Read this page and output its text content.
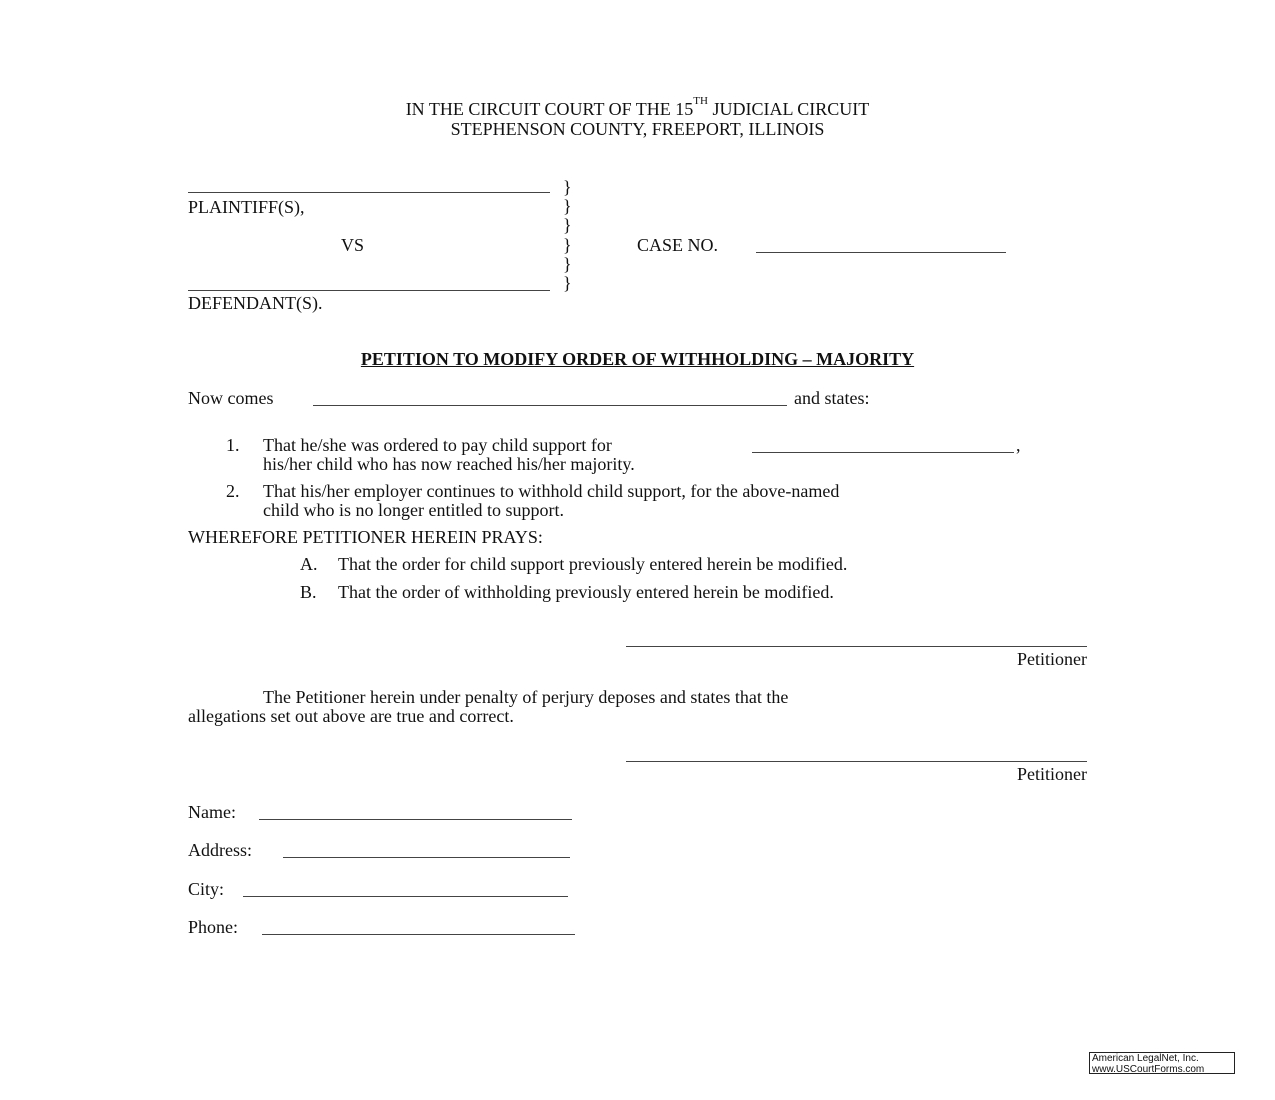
IN THE CIRCUIT COURT OF THE 15TH JUDICIAL CIRCUIT
STEPHENSON COUNTY, FREEPORT, ILLINOIS
PLAINTIFF(S),
VS
DEFENDANT(S).
}
}
}
}
}
}
CASE NO.
PETITION TO MODIFY ORDER OF WITHHOLDING – MAJORITY
Now comes	and states:
1. That he/she was ordered to pay child support for	,
his/her child who has now reached his/her majority.
2. That his/her employer continues to withhold child support, for the above-named
child who is no longer entitled to support.
WHEREFORE PETITIONER HEREIN PRAYS:
A. That the order for child support previously entered herein be modified.
B. That the order of withholding previously entered herein be modified.
Petitioner
The Petitioner herein under penalty of perjury deposes and states that the
allegations set out above are true and correct.
Petitioner
Name:
Address:
City:
Phone:
American LegalNet, Inc.
www.USCourtForms.com
